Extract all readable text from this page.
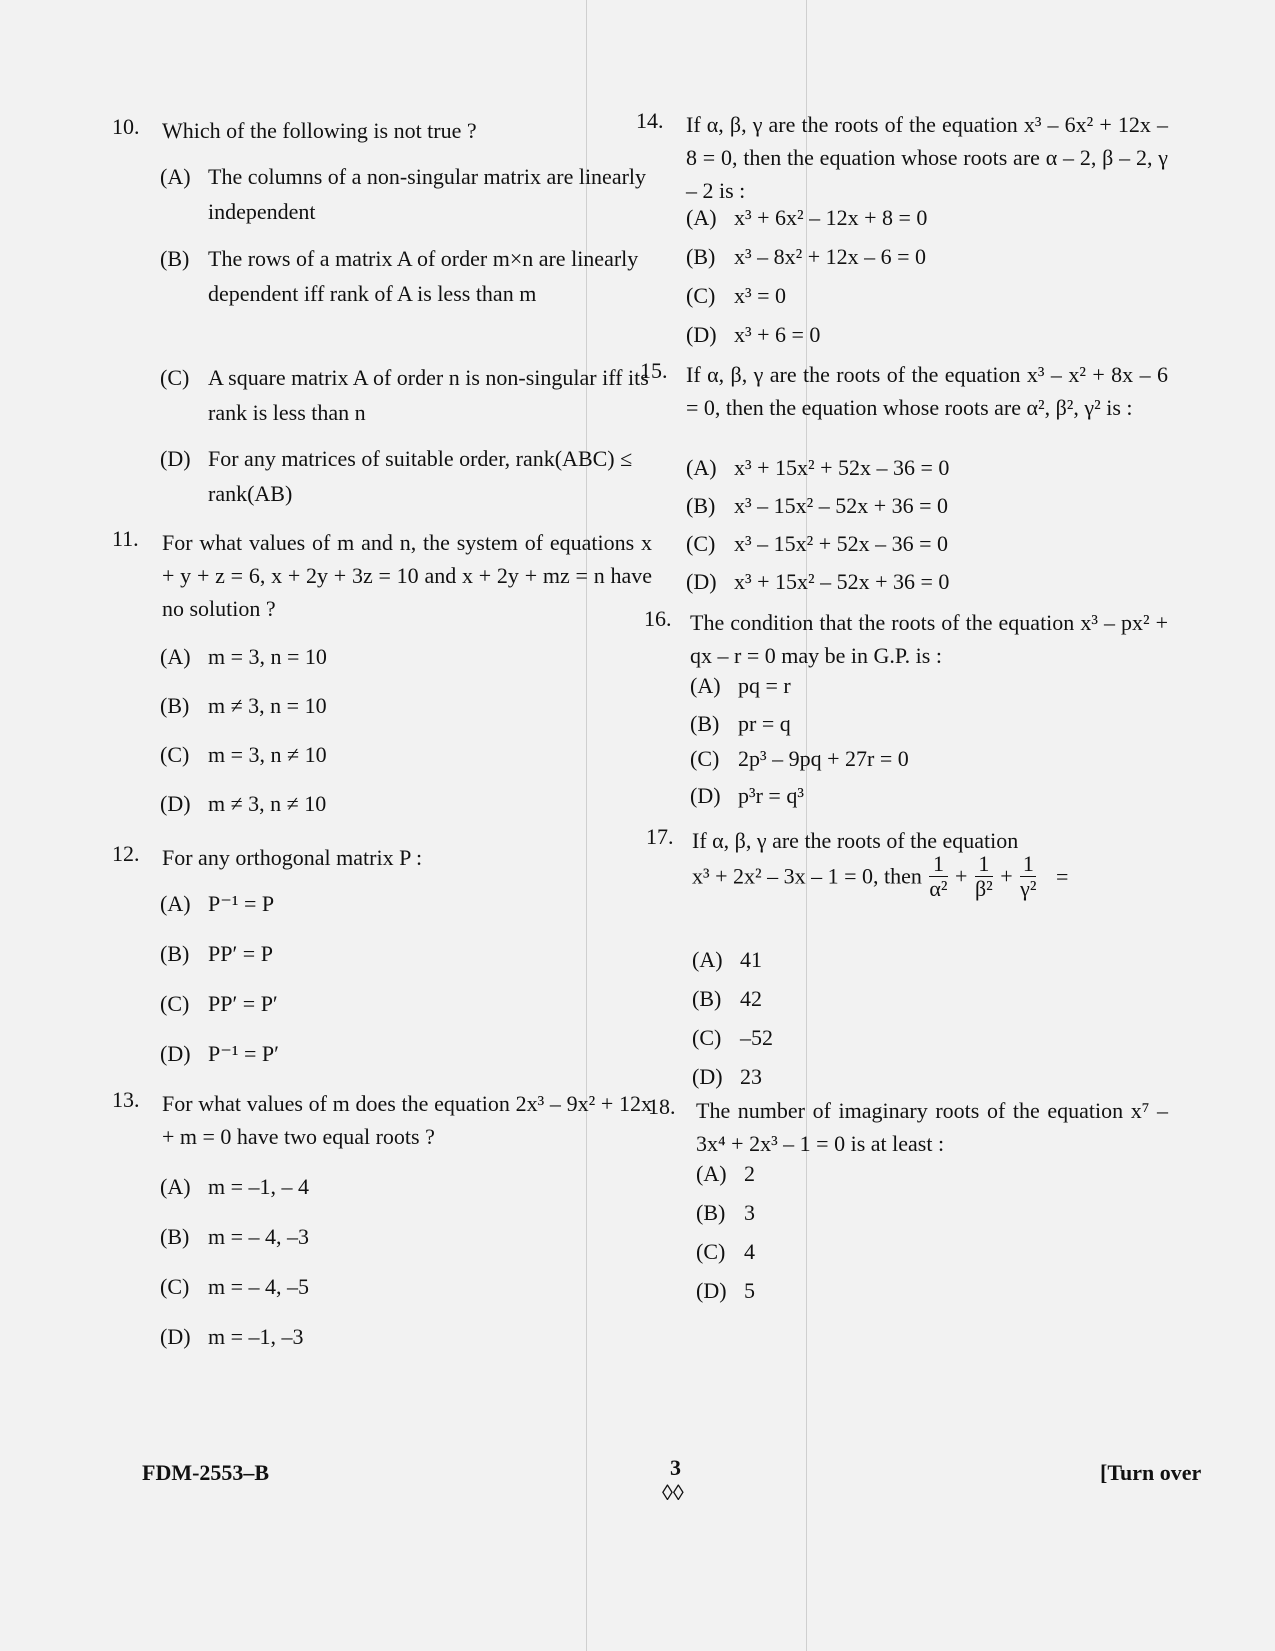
10. Which of the following is not true ?
(A) The columns of a non-singular matrix are linearly independent
(B) The rows of a matrix A of order m×n are linearly dependent iff rank of A is less than m
(C) A square matrix A of order n is non-singular iff its rank is less than n
(D) For any matrices of suitable order, rank(ABC) ≤ rank(AB)
11. For what values of m and n, the system of equations x + y + z = 6, x + 2y + 3z = 10 and x + 2y + mz = n have no solution ?
(A) m = 3, n = 10
(B) m ≠ 3, n = 10
(C) m = 3, n ≠ 10
(D) m ≠ 3, n ≠ 10
12. For any orthogonal matrix P :
(A) P⁻¹ = P
(B) PP′ = P
(C) PP′ = P′
(D) P⁻¹ = P′
13. For what values of m does the equation 2x³ – 9x² + 12x + m = 0 have two equal roots ?
(A) m = –1, – 4
(B) m = – 4, –3
(C) m = – 4, –5
(D) m = –1, –3
14. If α, β, γ are the roots of the equation x³ – 6x² + 12x – 8 = 0, then the equation whose roots are α – 2, β – 2, γ – 2 is :
(A) x³ + 6x² – 12x + 8 = 0
(B) x³ – 8x² + 12x – 6 = 0
(C) x³ = 0
(D) x³ + 6 = 0
15. If α, β, γ are the roots of the equation x³ – x² + 8x – 6 = 0, then the equation whose roots are α², β², γ² is :
(A) x³ + 15x² + 52x – 36 = 0
(B) x³ – 15x² – 52x + 36 = 0
(C) x³ – 15x² + 52x – 36 = 0
(D) x³ + 15x² – 52x + 36 = 0
16. The condition that the roots of the equation x³ – px² + qx – r = 0 may be in G.P. is :
(A) pq = r
(B) pr = q
(C) 2p³ – 9pq + 27r = 0
(D) p³r = q³
17. If α, β, γ are the roots of the equation
x³ + 2x² – 3x – 1 = 0, then $\frac{1}{\text{α²}} + \frac{1}{\text{β²}} + \frac{1}{\text{γ²}}$ =
(A) 41
(B) 42
(C) –52
(D) 23
18. The number of imaginary roots of the equation x⁷ – 3x⁴ + 2x³ – 1 = 0 is at least :
(A) 2
(B) 3
(C) 4
(D) 5
FDM-2553–B	3
◊◊
[Turn over
